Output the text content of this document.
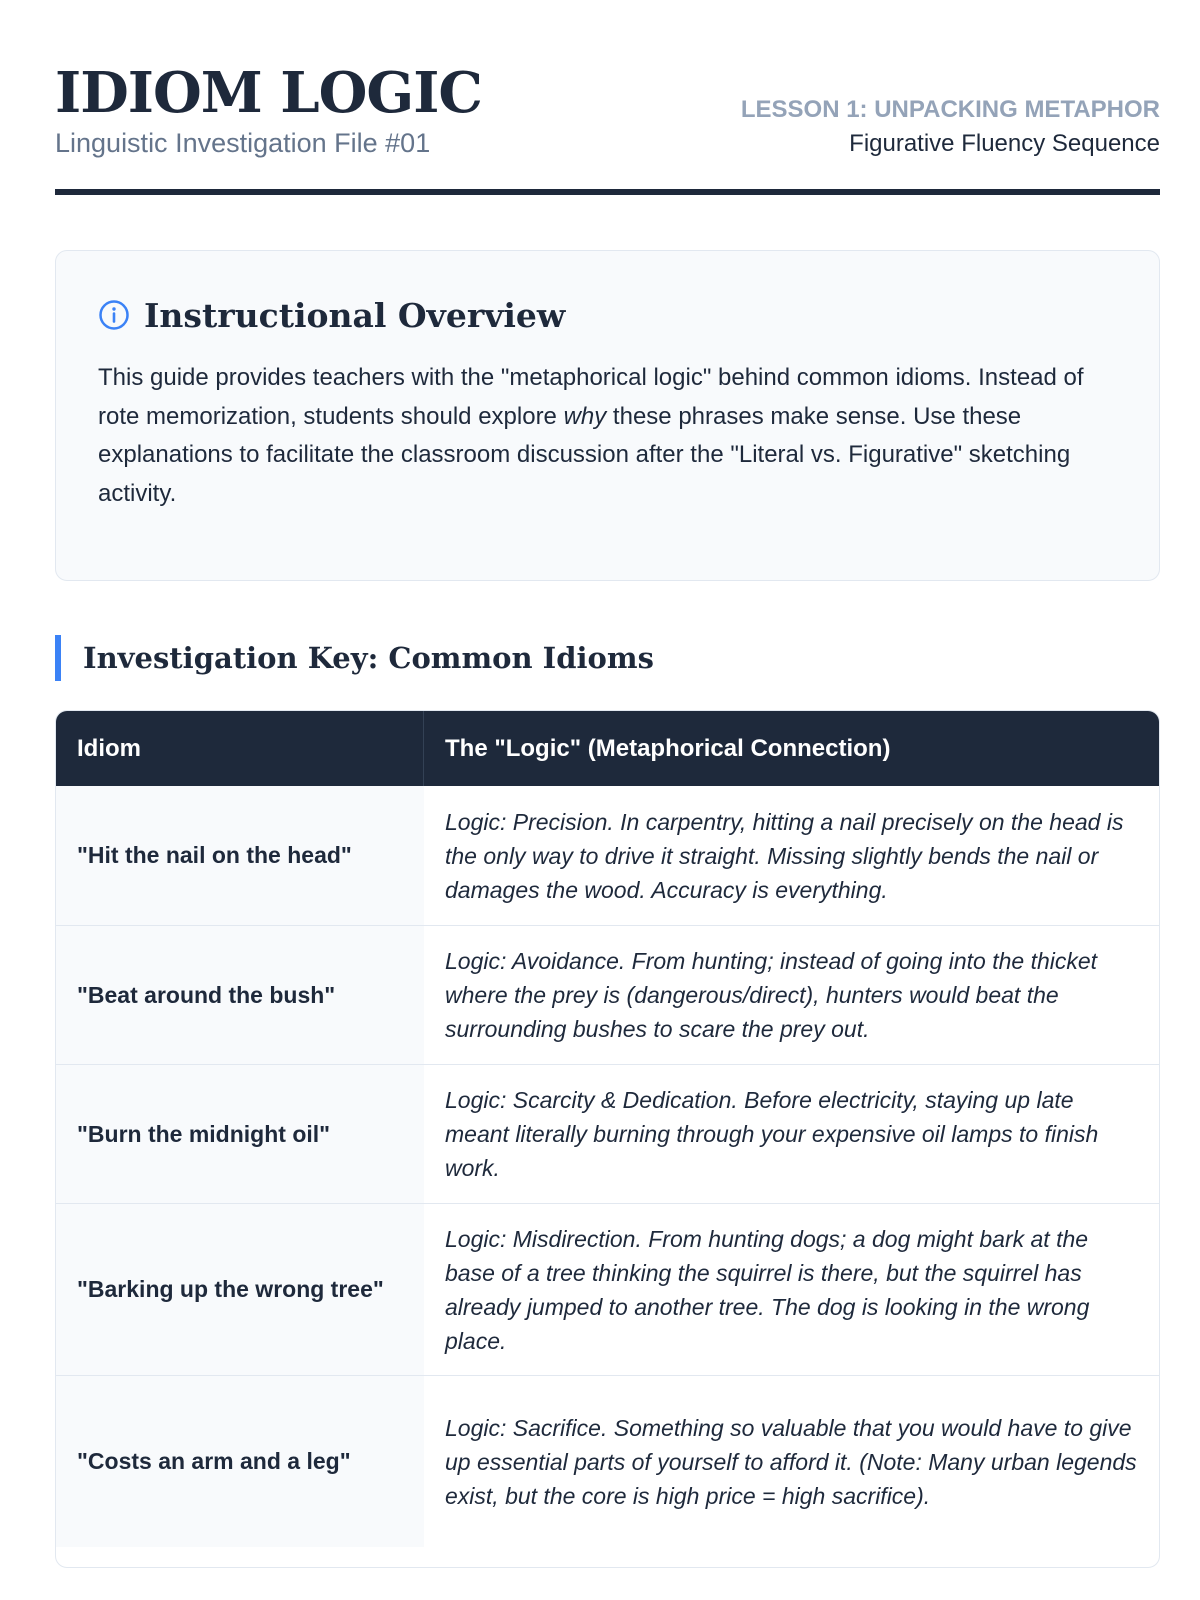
IDIOM LOGIC
Linguistic Investigation File #01
LESSON 1: UNPACKING METAPHOR
Figurative Fluency Sequence
Instructional Overview

This guide provides teachers with the "metaphorical logic" behind common idioms. Instead of rote memorization, students should explore why these phrases make sense. Use these explanations to facilitate the classroom discussion after the "Literal vs. Figurative" sketching activity.

Investigation Key: Common Idioms
Idiom	The "Logic" (Metaphorical Connection)
"Hit the nail on the head"
Logic: Precision. In carpentry, hitting a nail precisely on the head is the only way to drive it straight. Missing slightly bends the nail or damages the wood. Accuracy is everything.
"Beat around the bush"
Logic: Avoidance. From hunting; instead of going into the thicket where the prey is (dangerous/direct), hunters would beat the surrounding bushes to scare the prey out.
"Burn the midnight oil"
Logic: Scarcity & Dedication. Before electricity, staying up late meant literally burning through your expensive oil lamps to finish work.
"Barking up the wrong tree"
Logic: Misdirection. From hunting dogs; a dog might bark at the base of a tree thinking the squirrel is there, but the squirrel has already jumped to another tree. The dog is looking in the wrong place.
"Costs an arm and a leg"
Logic: Sacrifice. Something so valuable that you would have to give up essential parts of yourself to afford it. (Note: Many urban legends exist, but the core is high price = high sacrifice).
